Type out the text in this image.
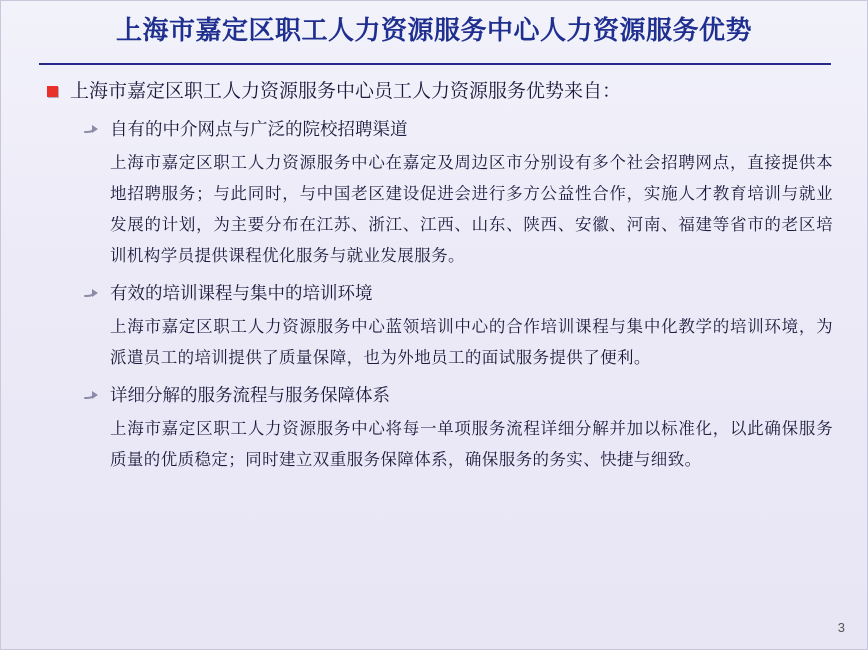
上海市嘉定区职工人力资源服务中心人力资源服务优势
上海市嘉定区职工人力资源服务中心员工人力资源服务优势来自：
自有的中介网点与广泛的院校招聘渠道
上海市嘉定区职工人力资源服务中心在嘉定及周边区市分别设有多个社会招聘网点，直接提供本地招聘服务；与此同时，与中国老区建设促进会进行多方公益性合作，实施人才教育培训与就业发展的计划，为主要分布在江苏、浙江、江西、山东、陕西、安徽、河南、福建等省市的老区培训机构学员提供课程优化服务与就业发展服务。
有效的培训课程与集中的培训环境
上海市嘉定区职工人力资源服务中心蓝领培训中心的合作培训课程与集中化教学的培训环境，为派遣员工的培训提供了质量保障，也为外地员工的面试服务提供了便利。
详细分解的服务流程与服务保障体系
上海市嘉定区职工人力资源服务中心将每一单项服务流程详细分解并加以标准化，以此确保服务质量的优质稳定；同时建立双重服务保障体系，确保服务的务实、快捷与细致。
3
